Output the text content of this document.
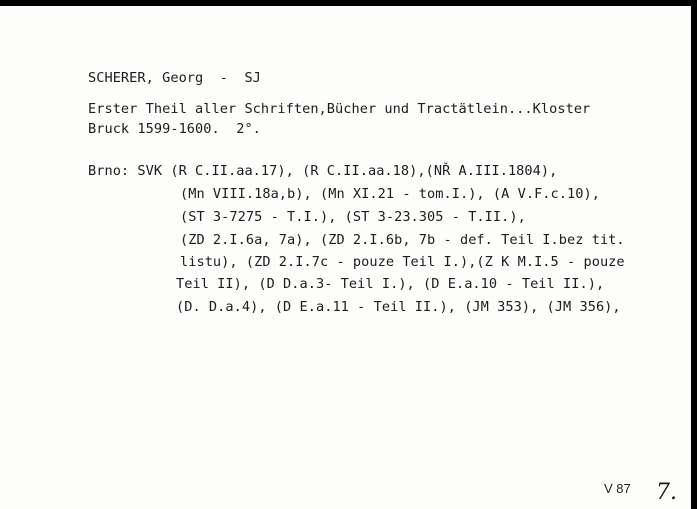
SCHERER, Georg  -  SJ
Erster Theil aller Schriften,Bücher und Tractätlein...Kloster
Bruck 1599-1600.  2°.
Brno: SVK (R C.II.aa.17), (R C.II.aa.18),(NŘ A.III.1804),
(Mn VIII.18a,b), (Mn XI.21 - tom.I.), (A V.F.c.10),
(ST 3-7275 - T.I.), (ST 3-23.305 - T.II.),
(ZD 2.I.6a, 7a), (ZD 2.I.6b, 7b - def. Teil I.bez tit.
listu), (ZD 2.I.7c - pouze Teil I.),(Z K M.I.5 - pouze
Teil II), (D D.a.3- Teil I.), (D E.a.10 - Teil II.),
(D. D.a.4), (D E.a.11 - Teil II.), (JM 353), (JM 356),
V 87 7.
